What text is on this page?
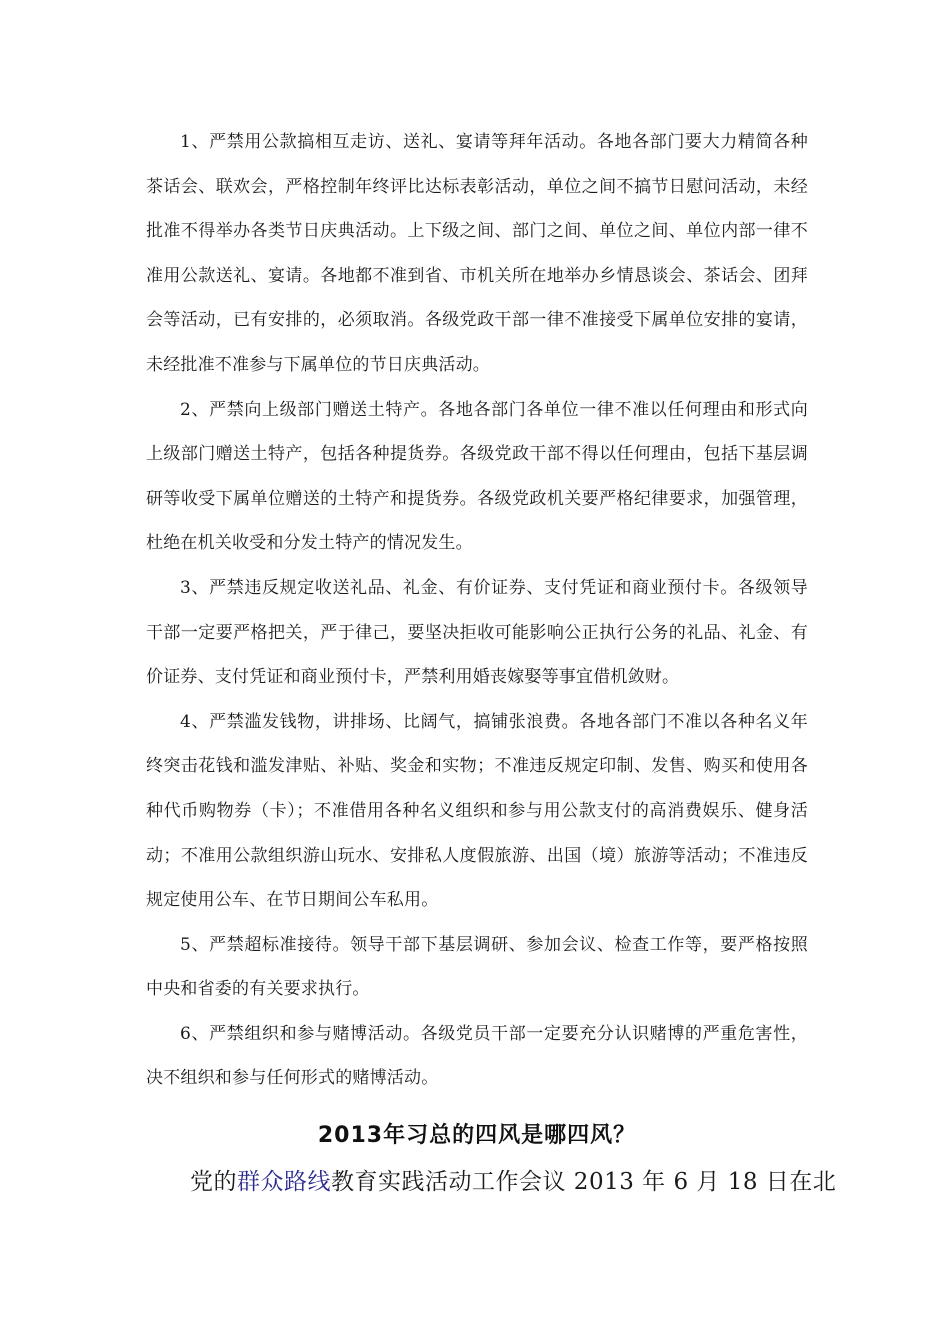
1、严禁用公款搞相互走访、送礼、宴请等拜年活动。各地各部门要大力精简各种茶话会、联欢会，严格控制年终评比达标表彰活动，单位之间不搞节日慰问活动，未经批准不得举办各类节日庆典活动。上下级之间、部门之间、单位之间、单位内部一律不准用公款送礼、宴请。各地都不准到省、市机关所在地举办乡情恳谈会、茶话会、团拜会等活动，已有安排的，必须取消。各级党政干部一律不准接受下属单位安排的宴请，未经批准不准参与下属单位的节日庆典活动。

2、严禁向上级部门赠送土特产。各地各部门各单位一律不准以任何理由和形式向上级部门赠送土特产，包括各种提货券。各级党政干部不得以任何理由，包括下基层调研等收受下属单位赠送的土特产和提货券。各级党政机关要严格纪律要求，加强管理，杜绝在机关收受和分发土特产的情况发生。

3、严禁违反规定收送礼品、礼金、有价证券、支付凭证和商业预付卡。各级领导干部一定要严格把关，严于律己，要坚决拒收可能影响公正执行公务的礼品、礼金、有价证券、支付凭证和商业预付卡，严禁利用婚丧嫁娶等事宜借机敛财。

4、严禁滥发钱物，讲排场、比阔气，搞铺张浪费。各地各部门不准以各种名义年终突击花钱和滥发津贴、补贴、奖金和实物；不准违反规定印制、发售、购买和使用各种代币购物券（卡）；不准借用各种名义组织和参与用公款支付的高消费娱乐、健身活动；不准用公款组织游山玩水、安排私人度假旅游、出国（境）旅游等活动；不准违反规定使用公车、在节日期间公车私用。

5、严禁超标准接待。领导干部下基层调研、参加会议、检查工作等，要严格按照中央和省委的有关要求执行。

6、严禁组织和参与赌博活动。各级党员干部一定要充分认识赌博的严重危害性，决不组织和参与任何形式的赌博活动。

2013年习总的四风是哪四风？

党的群众路线教育实践活动工作会议 2013 年 6 月 18 日在北
